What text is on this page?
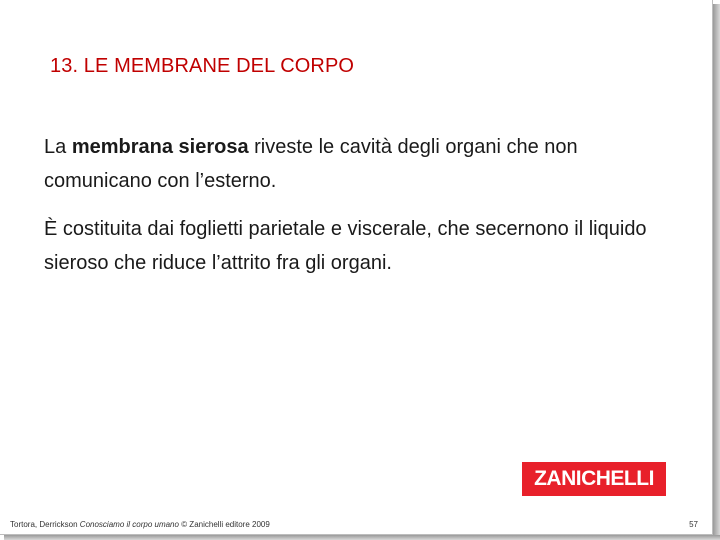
13. LE MEMBRANE DEL CORPO
La membrana sierosa riveste le cavità degli organi che non comunicano con l’esterno.
È costituita dai foglietti parietale e viscerale, che secernono il liquido sieroso che riduce l’attrito fra gli organi.
ZANICHELLI
Tortora, Derrickson Conosciamo il corpo umano © Zanichelli editore 2009	57
